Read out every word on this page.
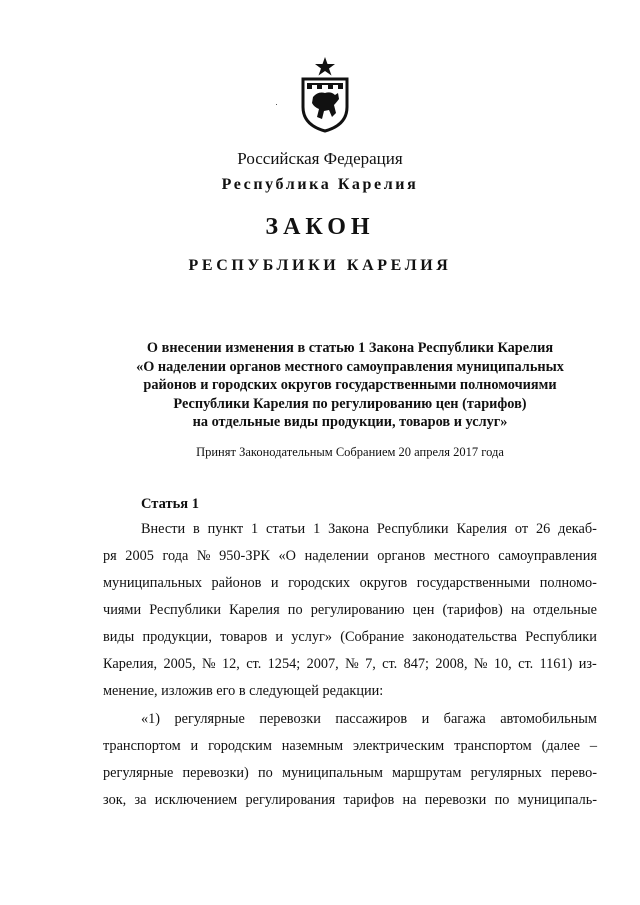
Российская Федерация
Республика Карелия
ЗАКОН
РЕСПУБЛИКИ КАРЕЛИЯ
О внесении изменения в статью 1 Закона Республики Карелия
«О наделении органов местного самоуправления муниципальных
районов и городских округов государственными полномочиями
Республики Карелия по регулированию цен (тарифов)
на отдельные виды продукции, товаров и услуг»
Принят Законодательным Собранием 20 апреля 2017 года
Статья 1
Внести в пункт 1 статьи 1 Закона Республики Карелия от 26 декаб-
ря 2005 года № 950-ЗРК «О наделении органов местного самоуправления
муниципальных районов и городских округов государственными полномо-
чиями Республики Карелия по регулированию цен (тарифов) на отдельные
виды продукции, товаров и услуг» (Собрание законодательства Республики
Карелия, 2005, № 12, ст. 1254; 2007, № 7, ст. 847; 2008, № 10, ст. 1161) из-
менение, изложив его в следующей редакции:
«1) регулярные перевозки пассажиров и багажа автомобильным
транспортом и городским наземным электрическим транспортом (далее –
регулярные перевозки) по муниципальным маршрутам регулярных перево-
зок, за исключением регулирования тарифов на перевозки по муниципаль-
